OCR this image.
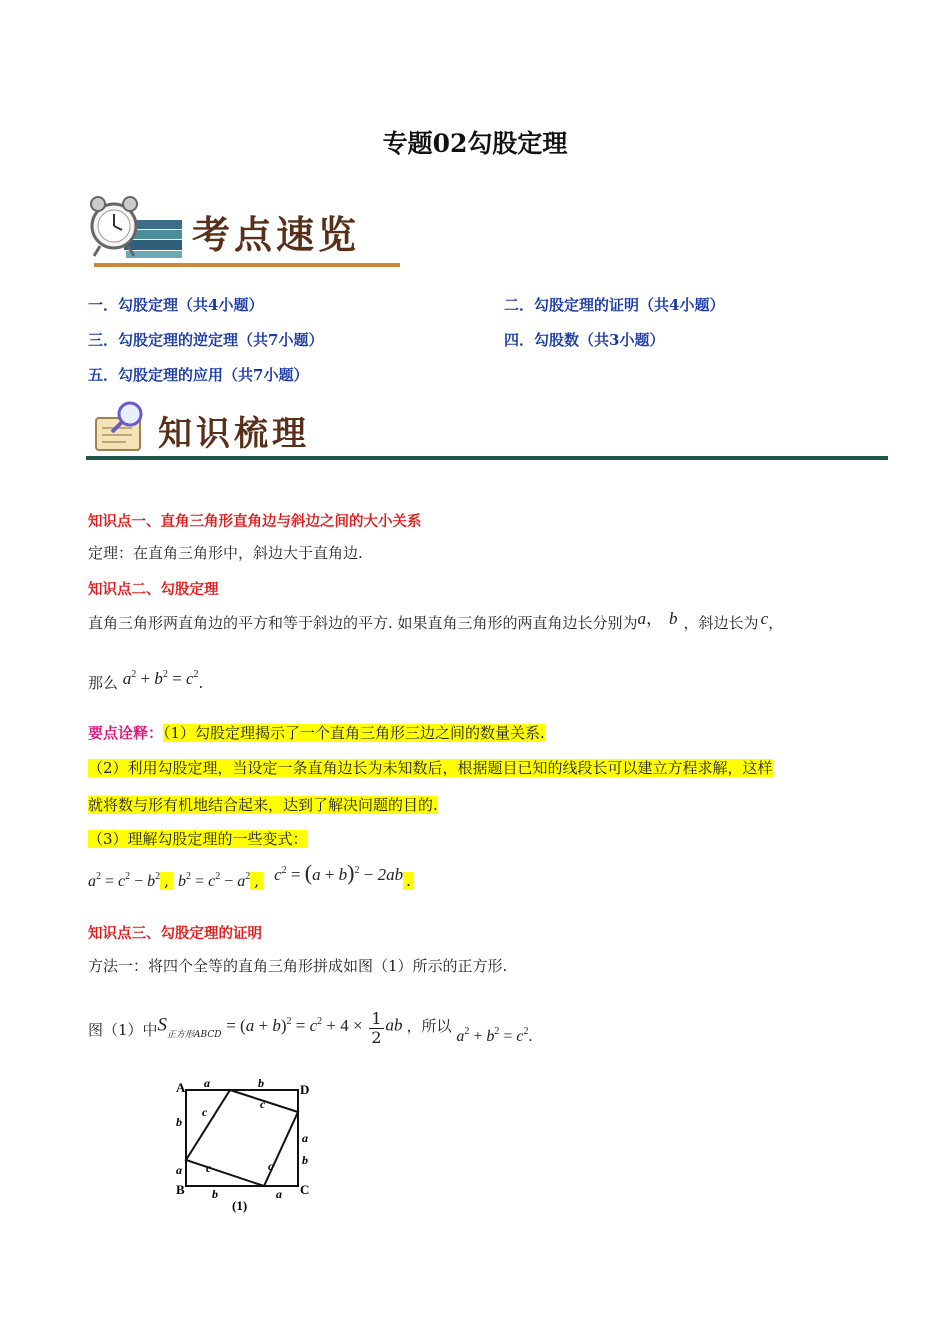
专题02勾股定理
考点速览
一．勾股定理（共4小题）	二．勾股定理的证明（共4小题）
三．勾股定理的逆定理（共7小题）	四．勾股数（共3小题）
五．勾股定理的应用（共7小题）
知识梳理
知识点一、直角三角形直角边与斜边之间的大小关系
定理：在直角三角形中，斜边大于直角边.
知识点二、勾股定理
直角三角形两直角边的平方和等于斜边的平方. 如果直角三角形的两直角边长分别为a， b ，斜边长为 c，
那么 $a^2 + b^2 = c^2$.
要点诠释：（1）勾股定理揭示了一个直角三角形三边之间的数量关系.
（2）利用勾股定理，当设定一条直角边长为未知数后，根据题目已知的线段长可以建立方程求解，这样
就将数与形有机地结合起来，达到了解决问题的目的.
（3）理解勾股定理的一些变式：
$a^2 = c^2 - b^2$ , $b^2 = c^2 - a^2$ , $c^2 = (a + b)^2 - 2ab$ .
知识点三、勾股定理的证明
方法一：将四个全等的直角三角形拼成如图（1）所示的正方形.
图（1）中$S_{正方形ABCD} = (a + b)^2 = c^2 + 4 \times \frac{1}{2}$ ab ，所以 $a^2 + b^2 = c^2$.
A	D
B	C
a	b
b
a
a
b
b	a
c
c
c	c
(1)
